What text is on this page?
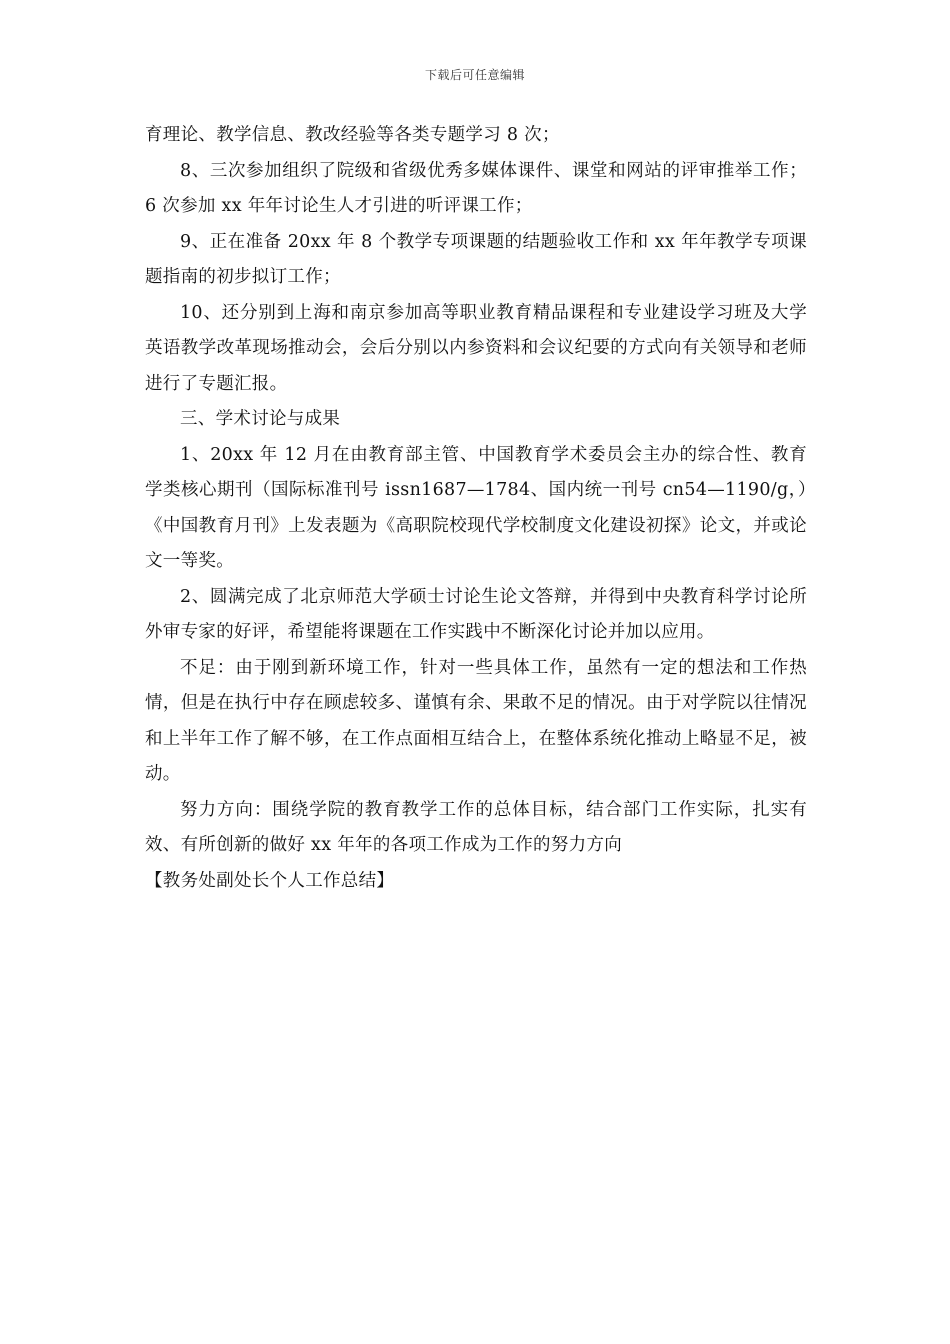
下载后可任意编辑

育理论、教学信息、教改经验等各类专题学习 8 次；

8、三次参加组织了院级和省级优秀多媒体课件、课堂和网站的评审推举工作；6 次参加 xx 年年讨论生人才引进的听评课工作；

9、正在准备 20xx 年 8 个教学专项课题的结题验收工作和 xx 年年教学专项课题指南的初步拟订工作；

10、还分别到上海和南京参加高等职业教育精品课程和专业建设学习班及大学英语教学改革现场推动会，会后分别以内参资料和会议纪要的方式向有关领导和老师进行了专题汇报。

三、学术讨论与成果

1、20xx 年 12 月在由教育部主管、中国教育学术委员会主办的综合性、教育学类核心期刊（国际标准刊号 issn1687—1784、国内统一刊号 cn54—1190/g，）《中国教育月刊》上发表题为《高职院校现代学校制度文化建设初探》论文，并或论文一等奖。

2、圆满完成了北京师范大学硕士讨论生论文答辩，并得到中央教育科学讨论所外审专家的好评，希望能将课题在工作实践中不断深化讨论并加以应用。

不足：由于刚到新环境工作，针对一些具体工作，虽然有一定的想法和工作热情，但是在执行中存在顾虑较多、谨慎有余、果敢不足的情况。由于对学院以往情况和上半年工作了解不够，在工作点面相互结合上，在整体系统化推动上略显不足，被动。

努力方向：围绕学院的教育教学工作的总体目标，结合部门工作实际，扎实有效、有所创新的做好 xx 年年的各项工作成为工作的努力方向

【教务处副处长个人工作总结】
